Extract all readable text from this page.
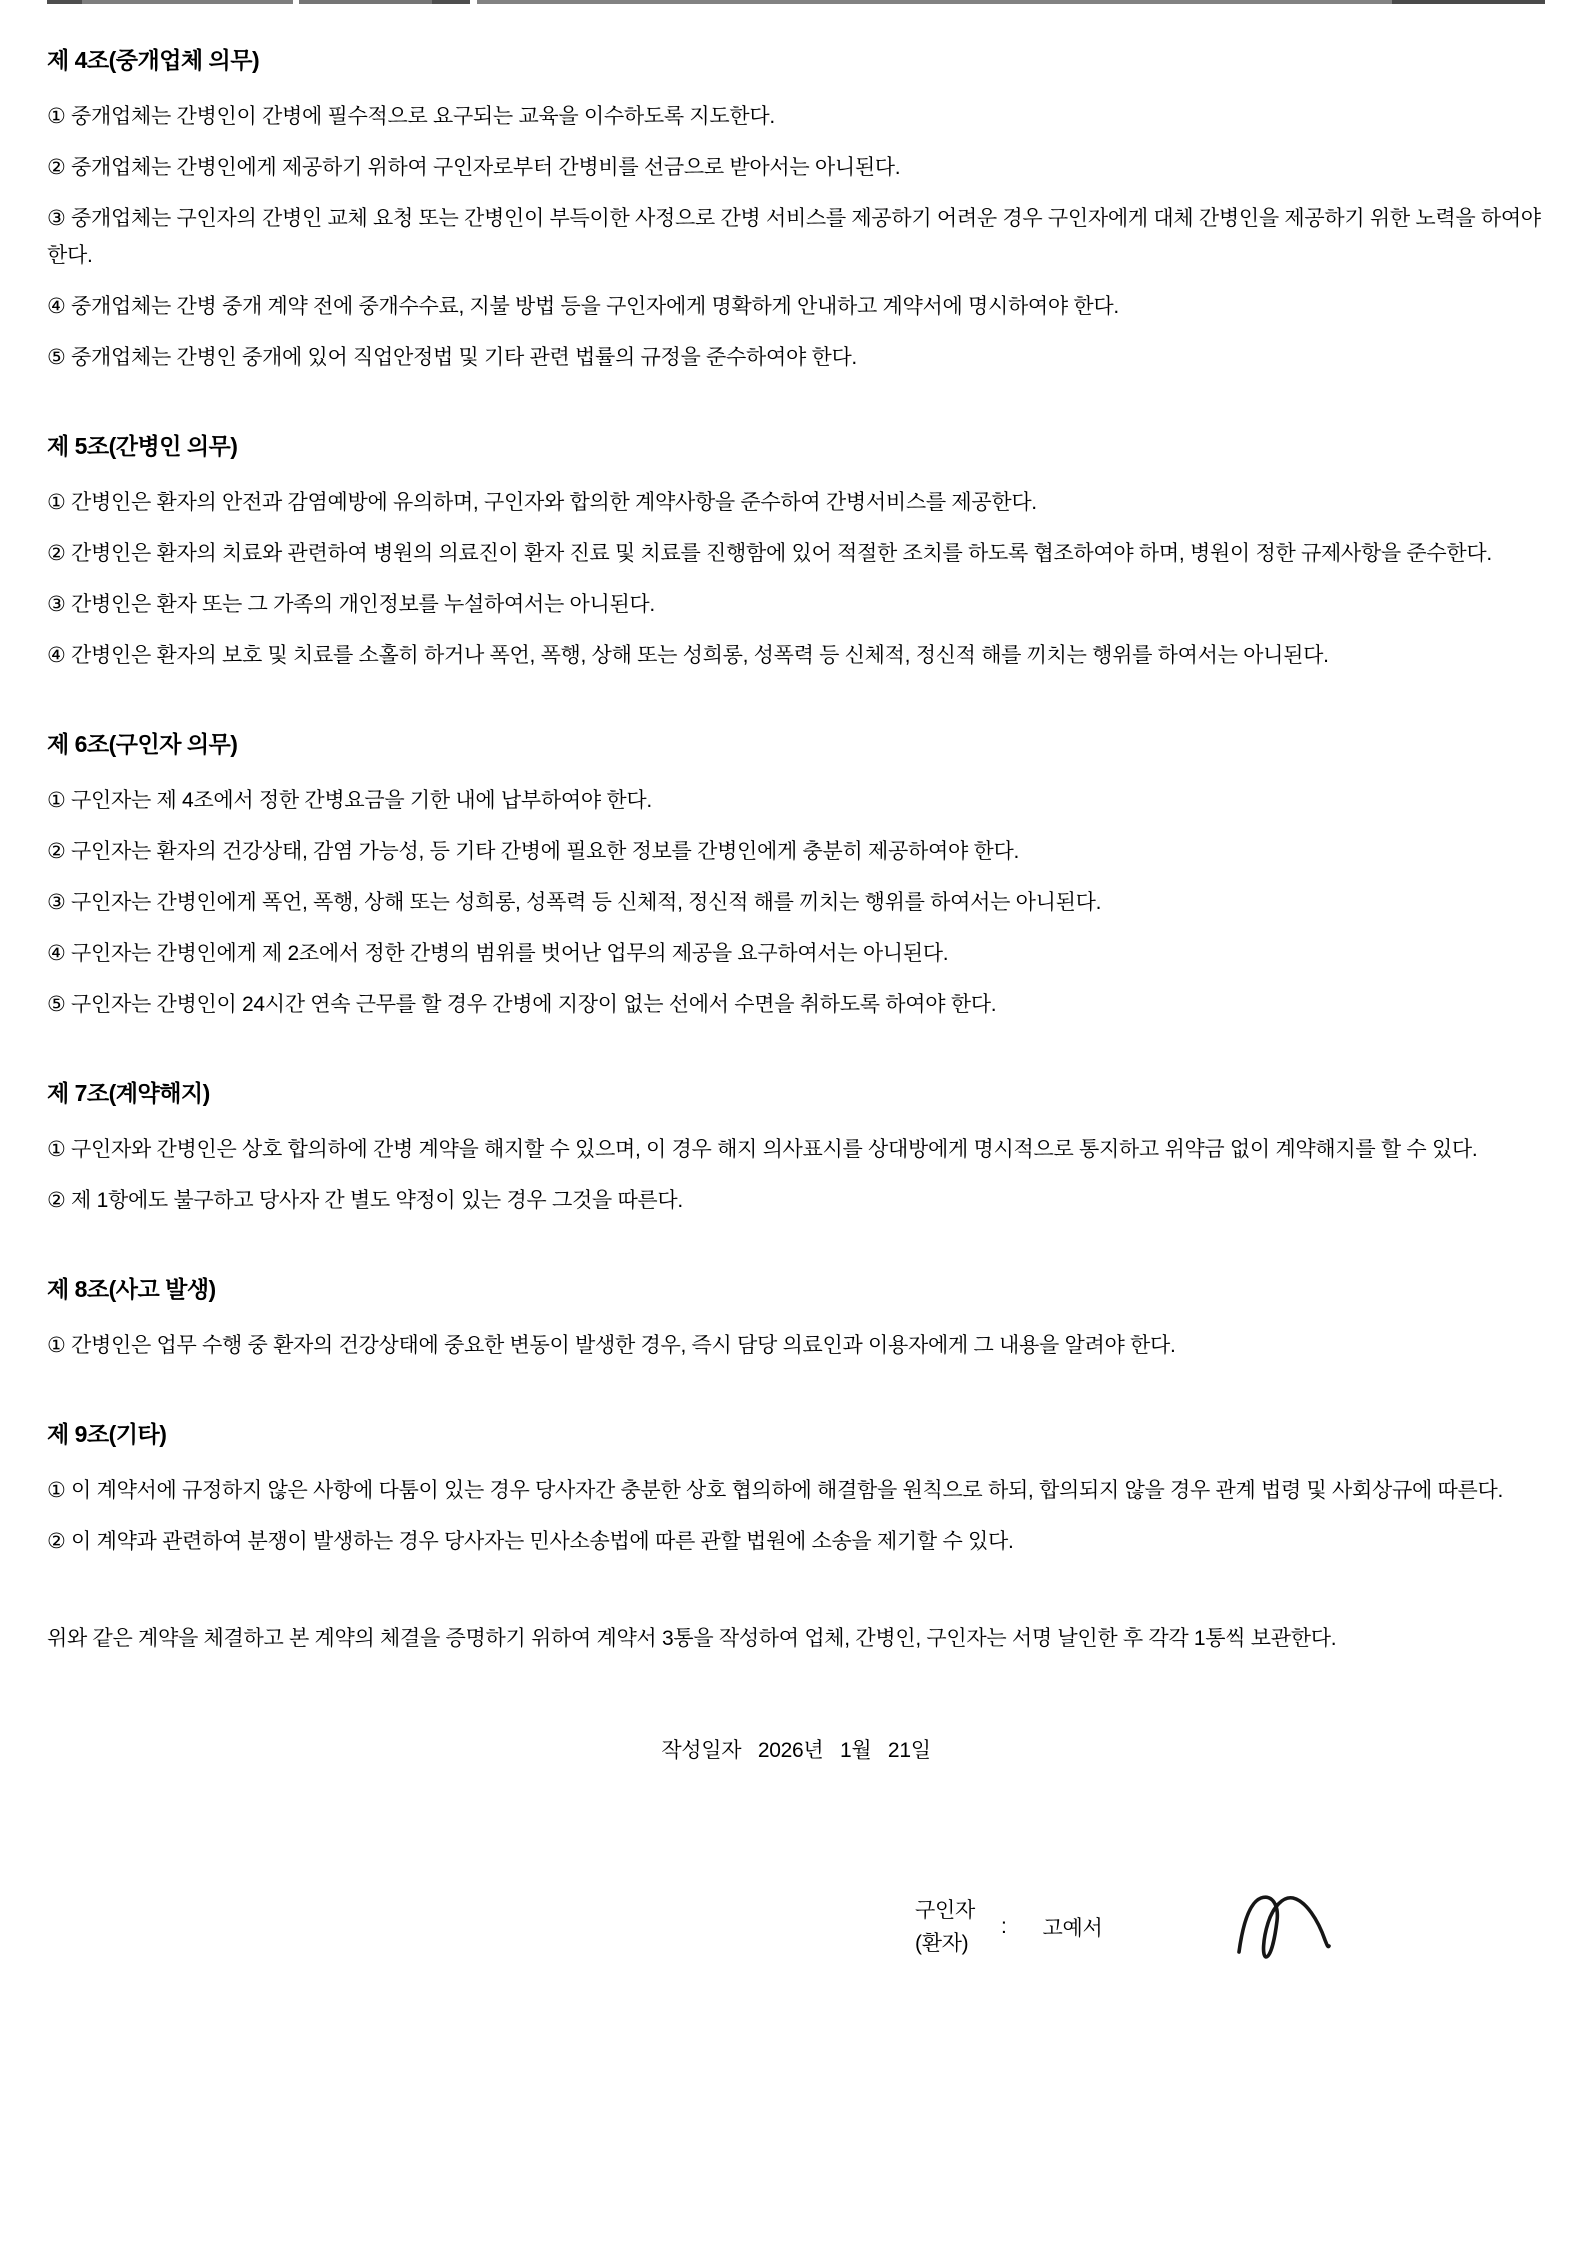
제 4조(중개업체 의무)

① 중개업체는 간병인이 간병에 필수적으로 요구되는 교육을 이수하도록 지도한다.

② 중개업체는 간병인에게 제공하기 위하여 구인자로부터 간병비를 선금으로 받아서는 아니된다.

③ 중개업체는 구인자의 간병인 교체 요청 또는 간병인이 부득이한 사정으로 간병 서비스를 제공하기 어려운 경우 구인자에게 대체 간병인을 제공하기 위한 노력을 하여야 한다.

④ 중개업체는 간병 중개 계약 전에 중개수수료, 지불 방법 등을 구인자에게 명확하게 안내하고 계약서에 명시하여야 한다.

⑤ 중개업체는 간병인 중개에 있어 직업안정법 및 기타 관련 법률의 규정을 준수하여야 한다.

제 5조(간병인 의무)

① 간병인은 환자의 안전과 감염예방에 유의하며, 구인자와 합의한 계약사항을 준수하여 간병서비스를 제공한다.

② 간병인은 환자의 치료와 관련하여 병원의 의료진이 환자 진료 및 치료를 진행함에 있어 적절한 조치를 하도록 협조하여야 하며, 병원이 정한 규제사항을 준수한다.

③ 간병인은 환자 또는 그 가족의 개인정보를 누설하여서는 아니된다.

④ 간병인은 환자의 보호 및 치료를 소홀히 하거나 폭언, 폭행, 상해 또는 성희롱, 성폭력 등 신체적, 정신적 해를 끼치는 행위를 하여서는 아니된다.

제 6조(구인자 의무)

① 구인자는 제 4조에서 정한 간병요금을 기한 내에 납부하여야 한다.

② 구인자는 환자의 건강상태, 감염 가능성, 등 기타 간병에 필요한 정보를 간병인에게 충분히 제공하여야 한다.

③ 구인자는 간병인에게 폭언, 폭행, 상해 또는 성희롱, 성폭력 등 신체적, 정신적 해를 끼치는 행위를 하여서는 아니된다.

④ 구인자는 간병인에게 제 2조에서 정한 간병의 범위를 벗어난 업무의 제공을 요구하여서는 아니된다.

⑤ 구인자는 간병인이 24시간 연속 근무를 할 경우 간병에 지장이 없는 선에서 수면을 취하도록 하여야 한다.

제 7조(계약해지)

① 구인자와 간병인은 상호 합의하에 간병 계약을 해지할 수 있으며, 이 경우 해지 의사표시를 상대방에게 명시적으로 통지하고 위약금 없이 계약해지를 할 수 있다.

② 제 1항에도 불구하고 당사자 간 별도 약정이 있는 경우 그것을 따른다.

제 8조(사고 발생)

① 간병인은 업무 수행 중 환자의 건강상태에 중요한 변동이 발생한 경우, 즉시 담당 의료인과 이용자에게 그 내용을 알려야 한다.

제 9조(기타)

① 이 계약서에 규정하지 않은 사항에 다툼이 있는 경우 당사자간 충분한 상호 협의하에 해결함을 원칙으로 하되, 합의되지 않을 경우 관계 법령 및 사회상규에 따른다.

② 이 계약과 관련하여 분쟁이 발생하는 경우 당사자는 민사소송법에 따른 관할 법원에 소송을 제기할 수 있다.

위와 같은 계약을 체결하고 본 계약의 체결을 증명하기 위하여 계약서 3통을 작성하여 업체, 간병인, 구인자는 서명 날인한 후 각각 1통씩 보관한다.

작성일자   2026년   1월   21일

구인자
(환자)
: 고예서
